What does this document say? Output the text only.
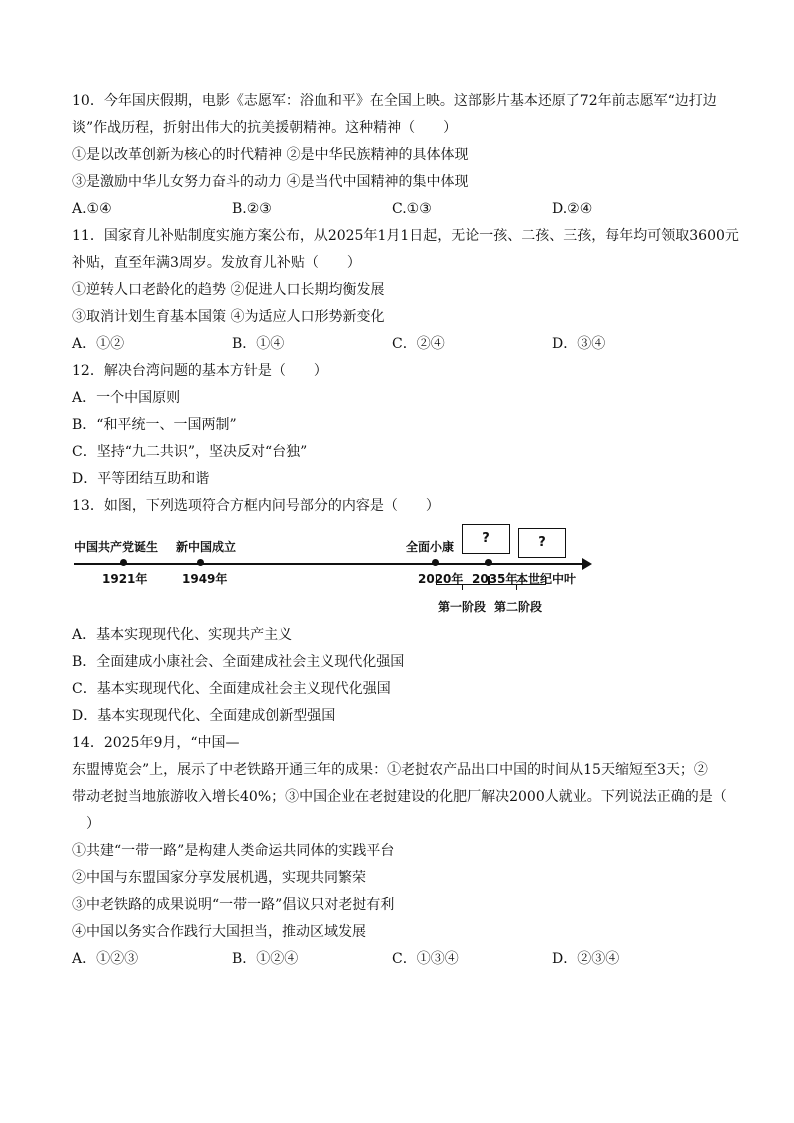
10．今年国庆假期，电影《志愿军：浴血和平》在全国上映。这部影片基本还原了72年前志愿军“边打边
谈”作战历程，折射出伟大的抗美援朝精神。这种精神（　　）
①是以改革创新为核心的时代精神 ②是中华民族精神的具体体现
③是激励中华儿女努力奋斗的动力 ④是当代中国精神的集中体现
A.①④	B.②③	C.①③	D.②④
11．国家育儿补贴制度实施方案公布，从2025年1月1日起，无论一孩、二孩、三孩，每年均可领取3600元
补贴，直至年满3周岁。发放育儿补贴（　　）
①逆转人口老龄化的趋势 ②促进人口长期均衡发展
③取消计划生育基本国策 ④为适应人口形势新变化
A．①②	B．①④	C．②④	D．③④
12．解决台湾问题的基本方针是（　　）
A．一个中国原则
B．“和平统一、一国两制”
C．坚持“九二共识”，坚决反对“台独”
D．平等团结互助和谐
13．如图，下列选项符合方框内问号部分的内容是（　　）
中国共产党诞生
1921年
新中国成立
1949年
全面小康
2020年
?
2035年
?
本世纪中叶
第一阶段 第二阶段
A．基本实现现代化、实现共产主义
B．全面建成小康社会、全面建成社会主义现代化强国
C．基本实现现代化、全面建成社会主义现代化强国
D．基本实现现代化、全面建成创新型强国
14．2025年9月，“中国—
东盟博览会”上，展示了中老铁路开通三年的成果：①老挝农产品出口中国的时间从15天缩短至3天；②
带动老挝当地旅游收入增长40%；③中国企业在老挝建设的化肥厂解决2000人就业。下列说法正确的是（
　）
①共建“一带一路”是构建人类命运共同体的实践平台
②中国与东盟国家分享发展机遇，实现共同繁荣
③中老铁路的成果说明“一带一路”倡议只对老挝有利
④中国以务实合作践行大国担当，推动区域发展
A．①②③	B．①②④	C．①③④	D．②③④
